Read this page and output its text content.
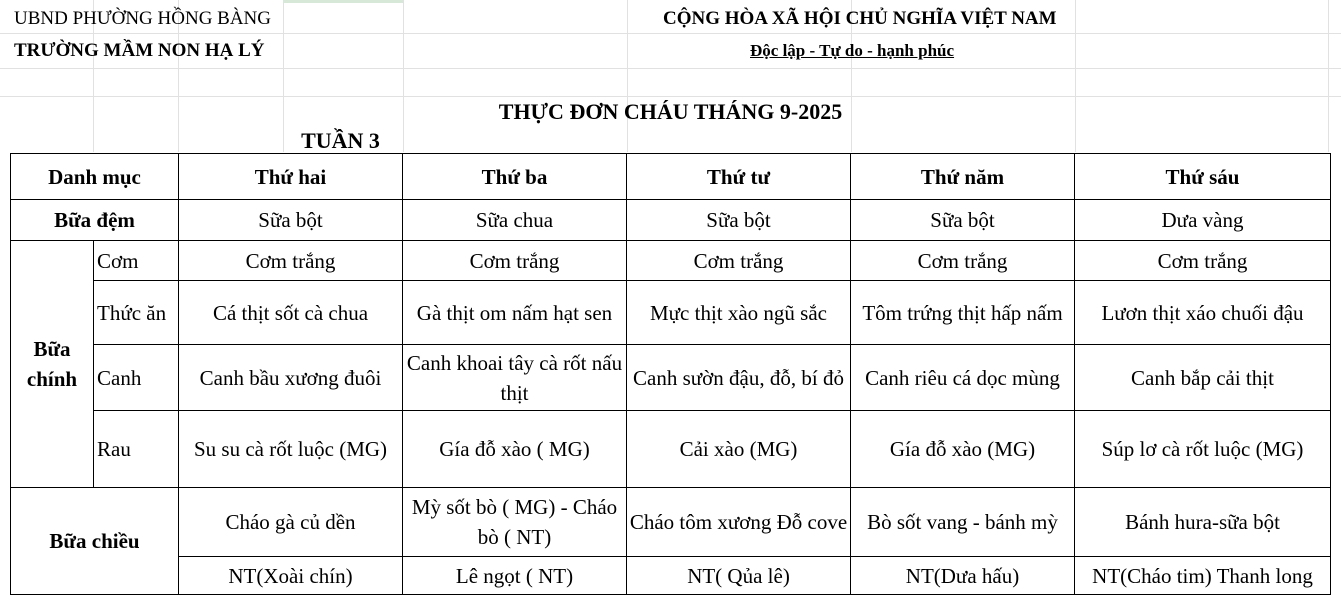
UBND PHƯỜNG HỒNG BÀNG
TRƯỜNG MẦM NON HẠ LÝ
CỘNG HÒA XÃ HỘI CHỦ NGHĨA VIỆT NAM
Độc lập - Tự do - hạnh phúc
THỰC ĐƠN CHÁU THÁNG 9-2025
TUẦN 3
Danh mục		Thứ hai	Thứ ba	Thứ tư	Thứ năm	Thứ sáu
Bữa đệm		Sữa bột	Sữa chua	Sữa bột	Sữa bột	Dưa vàng
Bữa chính	Cơm	Cơm trắng	Cơm trắng	Cơm trắng	Cơm trắng	Cơm trắng
	Thức ăn	Cá thịt sốt cà chua	Gà thịt om nấm hạt sen	Mực thịt xào ngũ sắc	Tôm trứng thịt hấp nấm	Lươn thịt xáo chuối đậu
	Canh	Canh bầu xương đuôi	Canh khoai tây cà rốt nấu thịt	Canh sườn đậu, đỗ, bí đỏ	Canh riêu cá dọc mùng	Canh bắp cải thịt
	Rau	Su su cà rốt luộc (MG)	Gía đỗ xào ( MG)	Cải xào (MG)	Gía đỗ xào (MG)	Súp lơ cà rốt luộc (MG)
Bữa chiều		Cháo gà củ dền	Mỳ sốt bò ( MG) - Cháo bò ( NT)	Cháo tôm xương Đỗ cove	Bò sốt vang - bánh mỳ	Bánh hura-sữa bột
		NT(Xoài chín)	Lê ngọt ( NT)	NT( Qủa lê)	NT(Dưa hấu)	NT(Cháo tim) Thanh long
